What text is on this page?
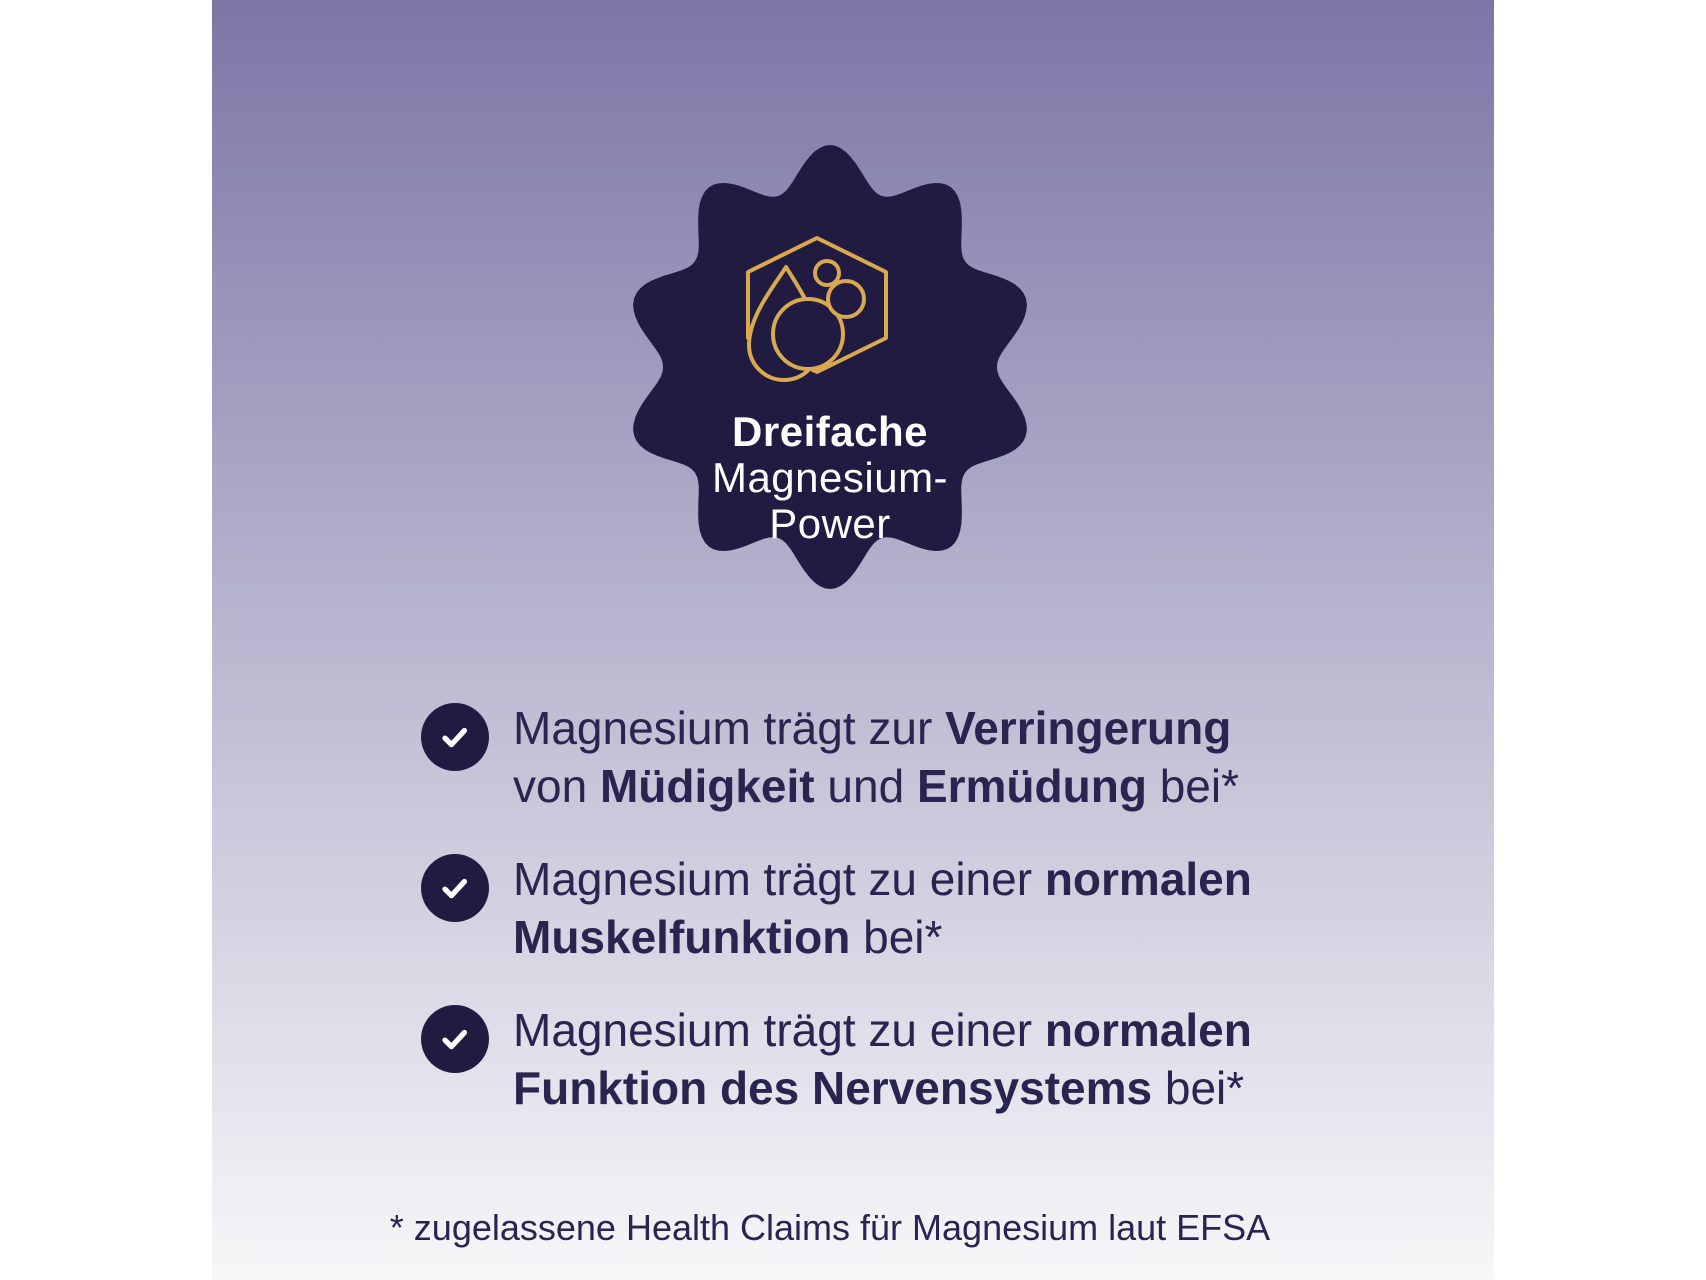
Dreifache
Magnesium-
Power
Magnesium trägt zur Verringerung
von Müdigkeit und Ermüdung bei*
Magnesium trägt zu einer normalen
Muskelfunktion bei*
Magnesium trägt zu einer normalen
Funktion des Nervensystems bei*
* zugelassene Health Claims für Magnesium laut EFSA
